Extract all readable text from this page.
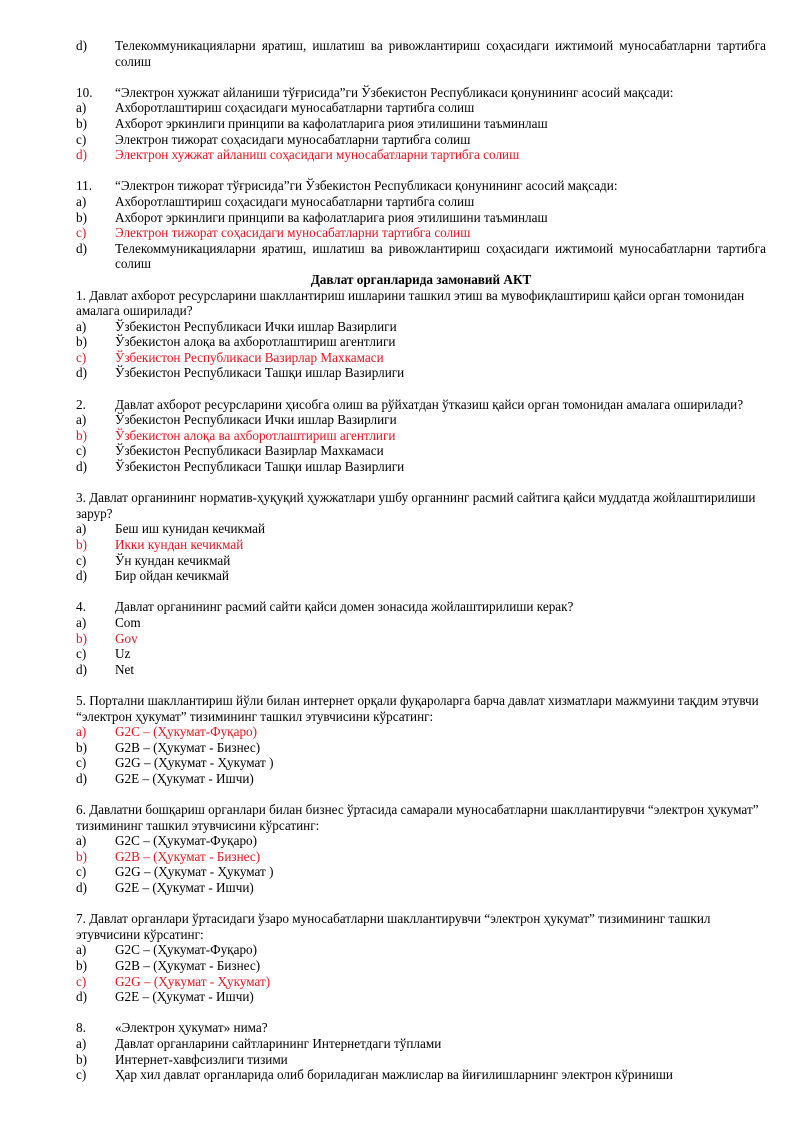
d)	Телекоммуникацияларни яратиш, ишлатиш ва ривожлантириш соҳасидаги ижтимоий муносабатларни тартибга солиш
10.	“Электрон хужжат айланиши тўғрисида”ги Ўзбекистон Республикаси қонунининг асосий мақсади:
a)	Ахборотлаштириш соҳасидаги муносабатларни тартибга солиш
b)	Ахборот эркинлиги принципи ва кафолатларига риоя этилишини таъминлаш
c)	Электрон тижорат соҳасидаги муносабатларни тартибга солиш
d)	Электрон хужжат айланиш соҳасидаги муносабатларни тартибга солиш
11.	“Электрон тижорат тўғрисида”ги Ўзбекистон Республикаси қонунининг асосий мақсади:
a)	Ахборотлаштириш соҳасидаги муносабатларни тартибга солиш
b)	Ахборот эркинлиги принципи ва кафолатларига риоя этилишини таъминлаш
c)	Электрон тижорат соҳасидаги муносабатларни тартибга солиш
d)	Телекоммуникацияларни яратиш, ишлатиш ва ривожлантириш соҳасидаги ижтимоий муносабатларни тартибга солиш
Давлат органларида замонавий АКТ
1. Давлат ахборот ресурсларини шакллантириш ишларини ташкил этиш ва мувофиқлаштириш қайси орган томонидан амалага оширилади?
a)	Ўзбекистон Республикаси Ички ишлар Вазирлиги
b)	Ўзбекистон алоқа ва ахборотлаштириш агентлиги
c)	Ўзбекистон Республикаси Вазирлар Махкамаси
d)	Ўзбекистон Республикаси Ташқи ишлар Вазирлиги
2.	Давлат ахборот ресурсларини ҳисобга олиш ва рўйхатдан ўтказиш қайси орган томонидан амалага оширилади?
a)	Ўзбекистон Республикаси Ички ишлар Вазирлиги
b)	Ўзбекистон алоқа ва ахборотлаштириш агентлиги
c)	Ўзбекистон Республикаси Вазирлар Махкамаси
d)	Ўзбекистон Республикаси Ташқи ишлар Вазирлиги
3. Давлат органининг норматив-ҳуқуқий ҳужжатлари ушбу органнинг расмий сайтига қайси муддатда жойлаштирилиши зарур?
a)	Беш иш кунидан кечикмай
b)	Икки кундан кечикмай
c)	Ўн кундан кечикмай
d)	Бир ойдан кечикмай
4.	Давлат органининг расмий сайти қайси домен зонасида жойлаштирилиши керак?
a)	Com
b)	Gov
c)	Uz
d)	Net
5. Портални шакллантириш йўли билан интернет орқали фуқароларга барча давлат хизматлари мажмуини тақдим этувчи “электрон ҳукумат” тизимининг ташкил этувчисини кўрсатинг:
a)	G2C – (Ҳукумат-Фуқаро)
b)	G2B – (Ҳукумат - Бизнес)
c)	G2G – (Ҳукумат - Ҳукумат )
d)	G2E – (Ҳукумат - Ишчи)
6. Давлатни бошқариш органлари билан бизнес ўртасида самарали муносабатларни шакллантирувчи “электрон ҳукумат” тизимининг ташкил этувчисини кўрсатинг:
a)	G2C – (Ҳукумат-Фуқаро)
b)	G2B – (Ҳукумат - Бизнес)
c)	G2G – (Ҳукумат - Ҳукумат )
d)	G2E – (Ҳукумат - Ишчи)
7. Давлат органлари ўртасидаги ўзаро муносабатларни шакллантирувчи “электрон ҳукумат” тизимининг ташкил этувчисини кўрсатинг:
a)	G2C – (Ҳукумат-Фуқаро)
b)	G2B – (Ҳукумат - Бизнес)
c)	G2G – (Ҳукумат - Ҳукумат)
d)	G2E – (Ҳукумат - Ишчи)
8.	«Электрон ҳукумат» нима?
a)	Давлат органларини сайтларининг Интернетдаги тўплами
b)	Интернет-хавфсизлиги тизими
c)	Ҳар хил давлат органларида олиб бориладиган мажлислар ва йиғилишларнинг электрон кўриниши
